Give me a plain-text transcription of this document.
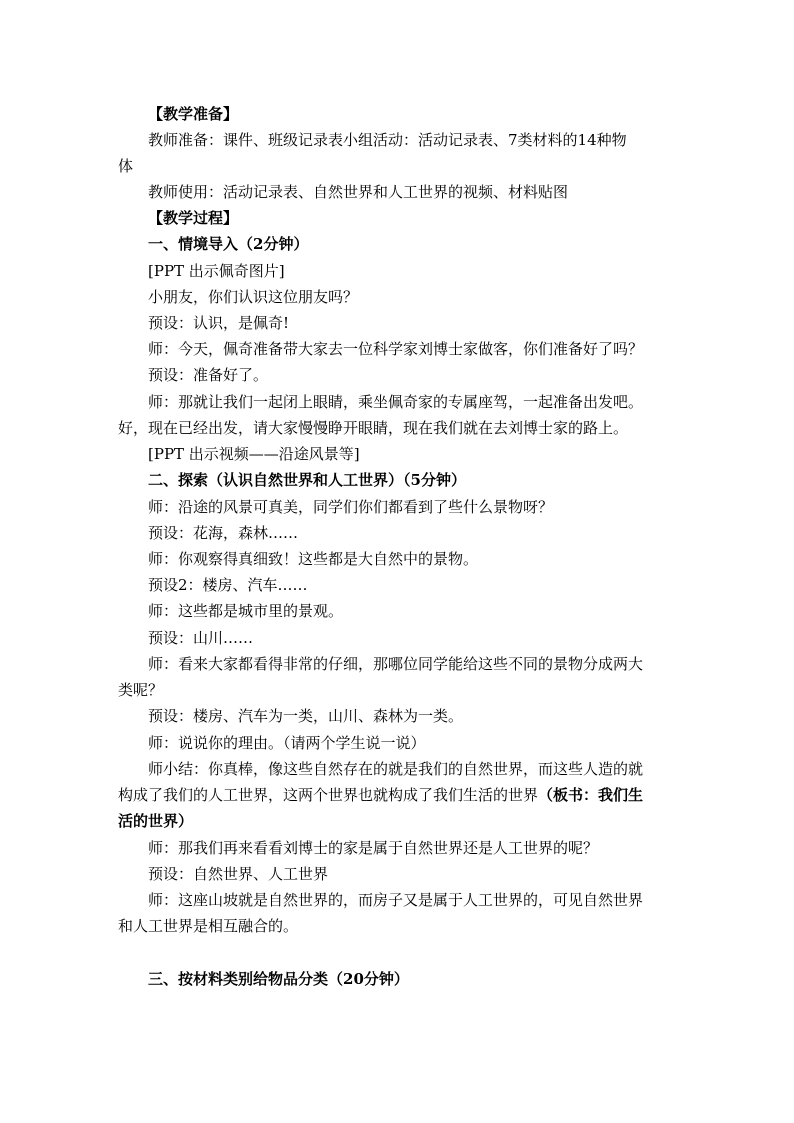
【教学准备】
教师准备：课件、班级记录表小组活动：活动记录表、7类材料的14种物
体
教师使用：活动记录表、自然世界和人工世界的视频、材料贴图
【教学过程】
一、情境导入（2分钟）
[PPT 出示佩奇图片]
小朋友，你们认识这位朋友吗？
预设：认识，是佩奇!
师：今天，佩奇准备带大家去一位科学家刘博士家做客，你们准备好了吗？
预设：准备好了。
师：那就让我们一起闭上眼睛，乘坐佩奇家的专属座驾，一起准备出发吧。
好，现在已经出发，请大家慢慢睁开眼睛，现在我们就在去刘博士家的路上。
[PPT 出示视频——沿途风景等]
二、探索（认识自然世界和人工世界）（5分钟）
师：沿途的风景可真美，同学们你们都看到了些什么景物呀？
预设：花海，森林……
师：你观察得真细致！这些都是大自然中的景物。
预设2：楼房、汽车……
师：这些都是城市里的景观。
预设：山川……
师：看来大家都看得非常的仔细，那哪位同学能给这些不同的景物分成两大
类呢？
预设：楼房、汽车为一类，山川、森林为一类。
师：说说你的理由。（请两个学生说一说）
师小结：你真棒，像这些自然存在的就是我们的自然世界，而这些人造的就
构成了我们的人工世界，这两个世界也就构成了我们生活的世界（板书：我们生
活的世界）
师：那我们再来看看刘博士的家是属于自然世界还是人工世界的呢？
预设：自然世界、人工世界
师：这座山坡就是自然世界的，而房子又是属于人工世界的，可见自然世界
和人工世界是相互融合的。
三、按材料类别给物品分类（20分钟）
